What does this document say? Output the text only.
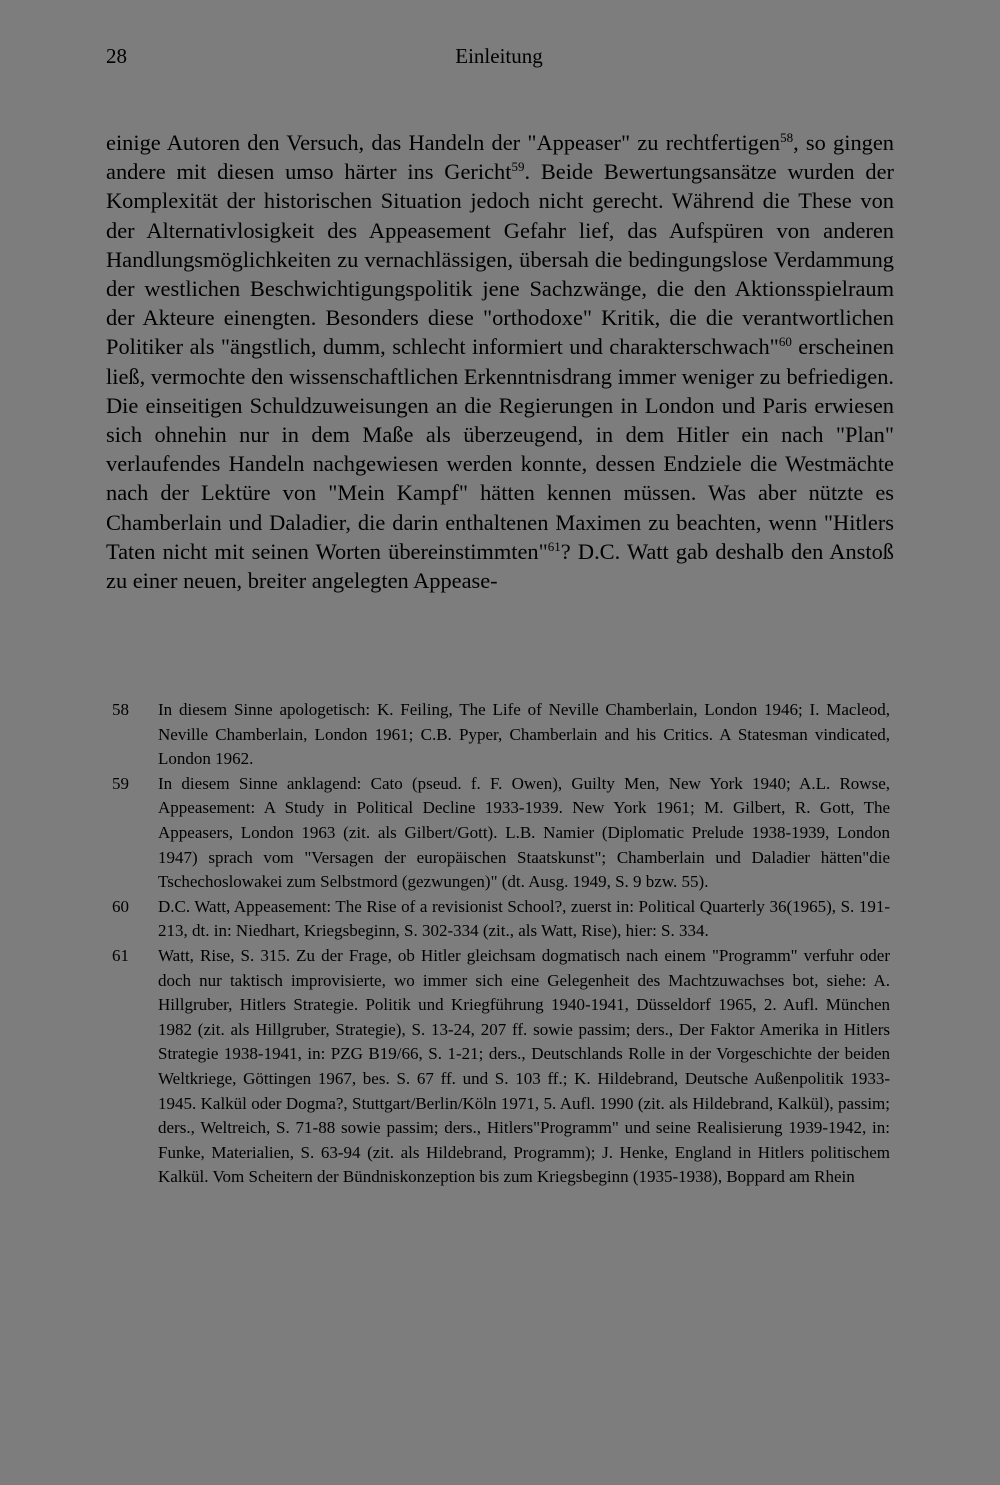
28	Einleitung

einige Autoren den Versuch, das Handeln der "Appeaser" zu rechtfertigen$^{58}$, so gingen andere mit diesen umso härter ins Gericht$^{59}$. Beide Bewertungsansätze wurden der Komplexität der historischen Situation jedoch nicht gerecht. Während die These von der Alternativlosigkeit des Appeasement Gefahr lief, das Aufspüren von anderen Handlungsmöglichkeiten zu vernachlässigen, übersah die bedingungslose Verdammung der westlichen Beschwichtigungspolitik jene Sachzwänge, die den Aktionsspielraum der Akteure einengten. Besonders diese "orthodoxe" Kritik, die die verantwortlichen Politiker als "ängstlich, dumm, schlecht informiert und charakterschwach"$^{60}$ erscheinen ließ, vermochte den wissenschaftlichen Erkenntnisdrang immer weniger zu befriedigen. Die einseitigen Schuldzuweisungen an die Regierungen in London und Paris erwiesen sich ohnehin nur in dem Maße als überzeugend, in dem Hitler ein nach "Plan" verlaufendes Handeln nachgewiesen werden konnte, dessen Endziele die Westmächte nach der Lektüre von "Mein Kampf" hätten kennen müssen. Was aber nützte es Chamberlain und Daladier, die darin enthaltenen Maximen zu beachten, wenn "Hitlers Taten nicht mit seinen Worten übereinstimmten"$^{61}$? D.C. Watt gab deshalb den Anstoß zu einer neuen, breiter angelegten Appease-

58	In diesem Sinne apologetisch: K. Feiling, The Life of Neville Chamberlain, London 1946; I. Macleod, Neville Chamberlain, London 1961; C.B. Pyper, Chamberlain and his Critics. A Statesman vindicated, London 1962.
59	In diesem Sinne anklagend: Cato (pseud. f. F. Owen), Guilty Men, New York 1940; A.L. Rowse, Appeasement: A Study in Political Decline 1933-1939. New York 1961; M. Gilbert, R. Gott, The Appeasers, London 1963 (zit. als Gilbert/Gott). L.B. Namier (Diplomatic Prelude 1938-1939, London 1947) sprach vom "Versagen der europäischen Staatskunst"; Chamberlain und Daladier hätten"die Tschechoslowakei zum Selbstmord (gezwungen)" (dt. Ausg. 1949, S. 9 bzw. 55).
60	D.C. Watt, Appeasement: The Rise of a revisionist School?, zuerst in: Political Quarterly 36(1965), S. 191-213, dt. in: Niedhart, Kriegsbeginn, S. 302-334 (zit., als Watt, Rise), hier: S. 334.
61	Watt, Rise, S. 315. Zu der Frage, ob Hitler gleichsam dogmatisch nach einem "Programm" verfuhr oder doch nur taktisch improvisierte, wo immer sich eine Gelegenheit des Machtzuwachses bot, siehe: A. Hillgruber, Hitlers Strategie. Politik und Kriegführung 1940-1941, Düsseldorf 1965, 2. Aufl. München 1982 (zit. als Hillgruber, Strategie), S. 13-24, 207 ff. sowie passim; ders., Der Faktor Amerika in Hitlers Strategie 1938-1941, in: PZG B19/66, S. 1-21; ders., Deutschlands Rolle in der Vorgeschichte der beiden Weltkriege, Göttingen 1967, bes. S. 67 ff. und S. 103 ff.; K. Hildebrand, Deutsche Außenpolitik 1933-1945. Kalkül oder Dogma?, Stuttgart/Berlin/Köln 1971, 5. Aufl. 1990 (zit. als Hildebrand, Kalkül), passim; ders., Weltreich, S. 71-88 sowie passim; ders., Hitlers"Programm" und seine Realisierung 1939-1942, in: Funke, Materialien, S. 63-94 (zit. als Hildebrand, Programm); J. Henke, England in Hitlers politischem Kalkül. Vom Scheitern der Bündniskonzeption bis zum Kriegsbeginn (1935-1938), Boppard am Rhein
